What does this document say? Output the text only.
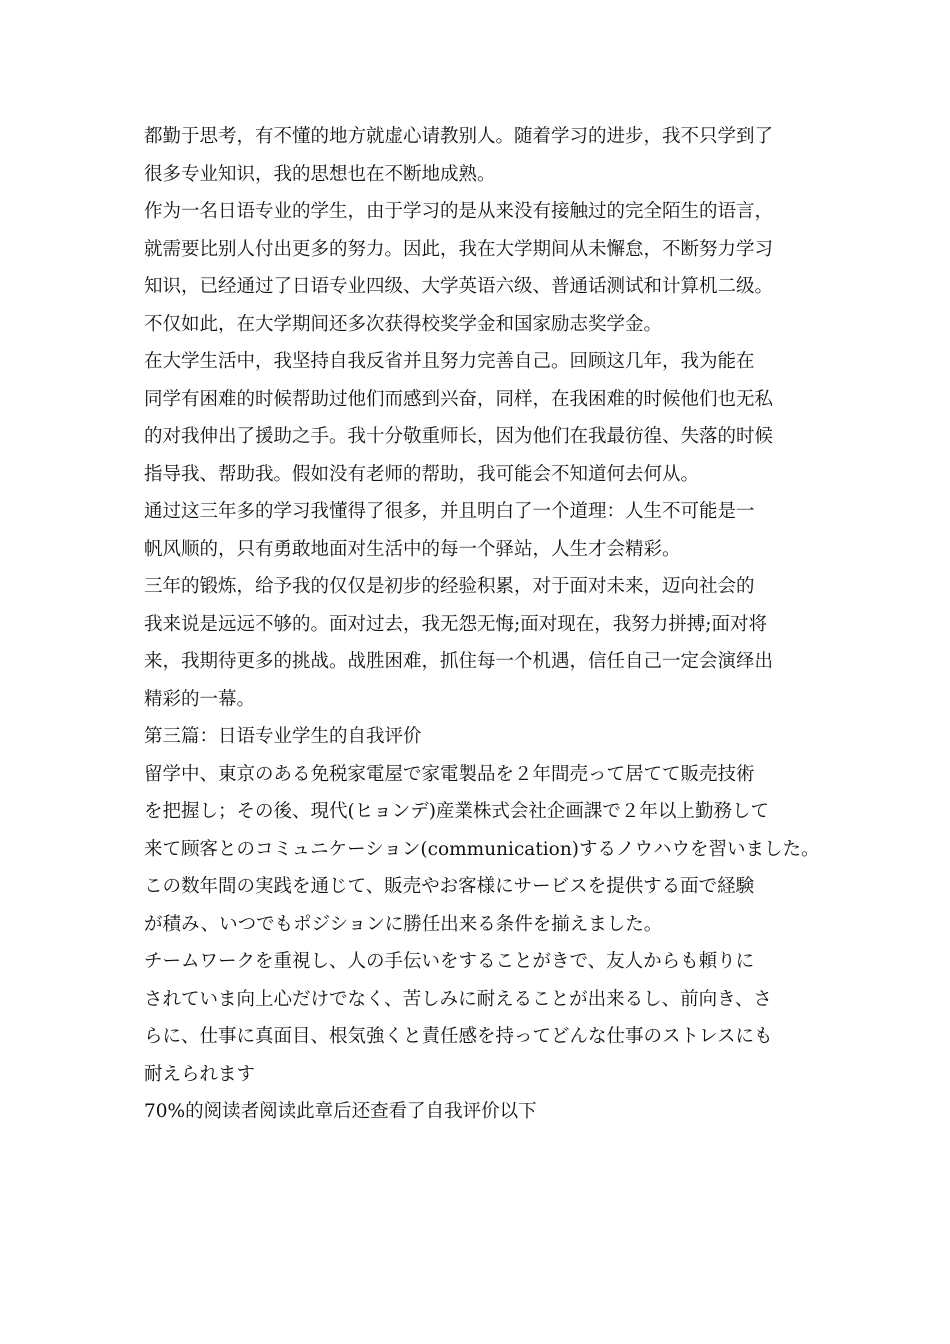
都勤于思考，有不懂的地方就虚心请教别人。随着学习的进步，我不只学到了
很多专业知识，我的思想也在不断地成熟。
作为一名日语专业的学生，由于学习的是从来没有接触过的完全陌生的语言，
就需要比别人付出更多的努力。因此，我在大学期间从未懈怠，不断努力学习
知识，已经通过了日语专业四级、大学英语六级、普通话测试和计算机二级。
不仅如此，在大学期间还多次获得校奖学金和国家励志奖学金。
在大学生活中，我坚持自我反省并且努力完善自己。回顾这几年，我为能在
同学有困难的时候帮助过他们而感到兴奋，同样，在我困难的时候他们也无私
的对我伸出了援助之手。我十分敬重师长，因为他们在我最彷徨、失落的时候
指导我、帮助我。假如没有老师的帮助，我可能会不知道何去何从。
通过这三年多的学习我懂得了很多，并且明白了一个道理：人生不可能是一
帆风顺的，只有勇敢地面对生活中的每一个驿站，人生才会精彩。
三年的锻炼，给予我的仅仅是初步的经验积累，对于面对未来，迈向社会的
我来说是远远不够的。面对过去，我无怨无悔;面对现在，我努力拼搏;面对将
来，我期待更多的挑战。战胜困难，抓住每一个机遇，信任自己一定会演绎出
精彩的一幕。
第三篇：日语专业学生的自我评价
留学中、東京のある免税家電屋で家電製品を２年間売って居てて販売技術
を把握し；その後、現代(ヒョンデ)産業株式会社企画課で２年以上勤務して
来て顾客とのコミュニケーション(communication)するノウハウを習いました。
この数年間の実践を通じて、販売やお客様にサービスを提供する面で経験
が積み、いつでもポジションに勝任出来る条件を揃えました。
チームワークを重視し、人の手伝いをすることがきで、友人からも頼りに
されていま向上心だけでなく、苦しみに耐えることが出来るし、前向き、さ
らに、仕事に真面目、根気強くと責任感を持ってどんな仕事のストレスにも
耐えられます
70%的阅读者阅读此章后还查看了自我评价以下
